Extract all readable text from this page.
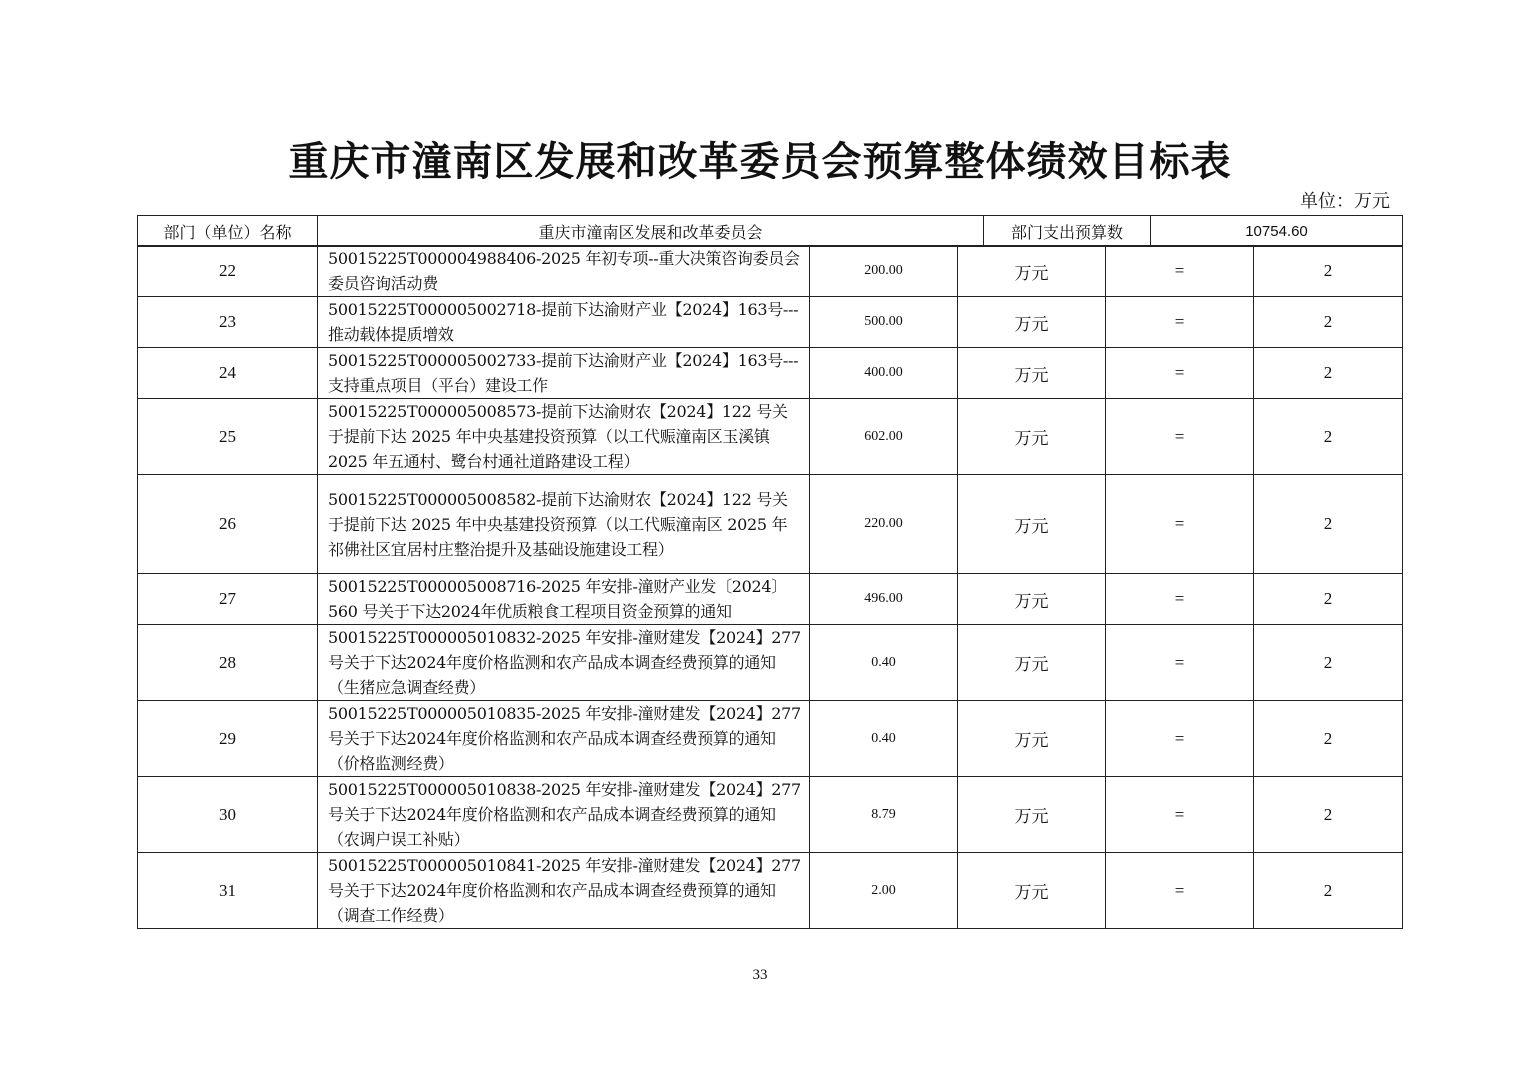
重庆市潼南区发展和改革委员会预算整体绩效目标表
单位：万元
部门（单位）名称	重庆市潼南区发展和改革委员会	部门支出预算数	10754.60
22	50015225T000004988406-2025 年初专项--重大决策咨询委员会委员咨询活动费	200.00	万元	=	2
23	50015225T000005002718-提前下达渝财产业【2024】163号---推动载体提质增效	500.00	万元	=	2
24	50015225T000005002733-提前下达渝财产业【2024】163号---支持重点项目（平台）建设工作	400.00	万元	=	2
25	50015225T000005008573-提前下达渝财农【2024】122 号关于提前下达 2025 年中央基建投资预算（以工代赈潼南区玉溪镇 2025 年五通村、鹭台村通社道路建设工程）	602.00	万元	=	2
26	50015225T000005008582-提前下达渝财农【2024】122 号关于提前下达 2025 年中央基建投资预算（以工代赈潼南区 2025 年祁佛社区宜居村庄整治提升及基础设施建设工程）	220.00	万元	=	2
27	50015225T000005008716-2025 年安排-潼财产业发〔2024〕560 号关于下达2024年优质粮食工程项目资金预算的通知	496.00	万元	=	2
28	50015225T000005010832-2025 年安排-潼财建发【2024】277 号关于下达2024年度价格监测和农产品成本调查经费预算的通知（生猪应急调查经费）	0.40	万元	=	2
29	50015225T000005010835-2025 年安排-潼财建发【2024】277 号关于下达2024年度价格监测和农产品成本调查经费预算的通知（价格监测经费）	0.40	万元	=	2
30	50015225T000005010838-2025 年安排-潼财建发【2024】277 号关于下达2024年度价格监测和农产品成本调查经费预算的通知（农调户误工补贴）	8.79	万元	=	2
31	50015225T000005010841-2025 年安排-潼财建发【2024】277 号关于下达2024年度价格监测和农产品成本调查经费预算的通知（调查工作经费）	2.00	万元	=	2
33
